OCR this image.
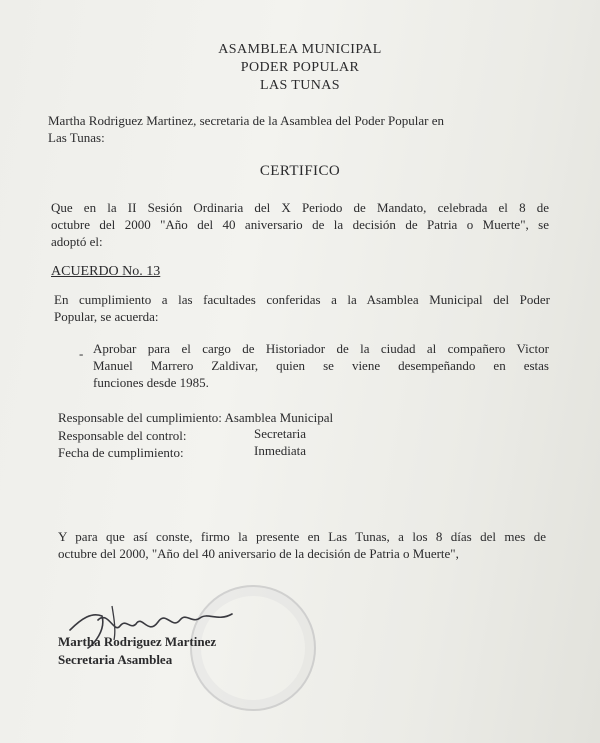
ASAMBLEA MUNICIPAL
PODER POPULAR
LAS TUNAS
Martha Rodriguez Martinez, secretaria de la Asamblea del Poder Popular en
Las Tunas:
CERTIFICO
Que en la II Sesión Ordinaria del X Periodo de Mandato, celebrada el 8 de
octubre del 2000 "Año del 40 aniversario de la decisión de Patria o Muerte", se
adoptó el:
ACUERDO No. 13
En cumplimiento a las facultades conferidas a la Asamblea Municipal del Poder
Popular, se acuerda:
- Aprobar para el cargo de Historiador de la ciudad al compañero Victor
Manuel Marrero Zaldivar, quien se viene desempeñando en estas
funciones desde 1985.
Responsable del cumplimiento: Asamblea Municipal
Responsable del control:	Secretaria
Fecha de cumplimiento:	Inmediata
Y para que así conste, firmo la presente en Las Tunas, a los 8 días del mes de
octubre del 2000, "Año del 40 aniversario de la decisión de Patria o Muerte",
Martha Rodriguez Martinez
Secretaria Asamblea
